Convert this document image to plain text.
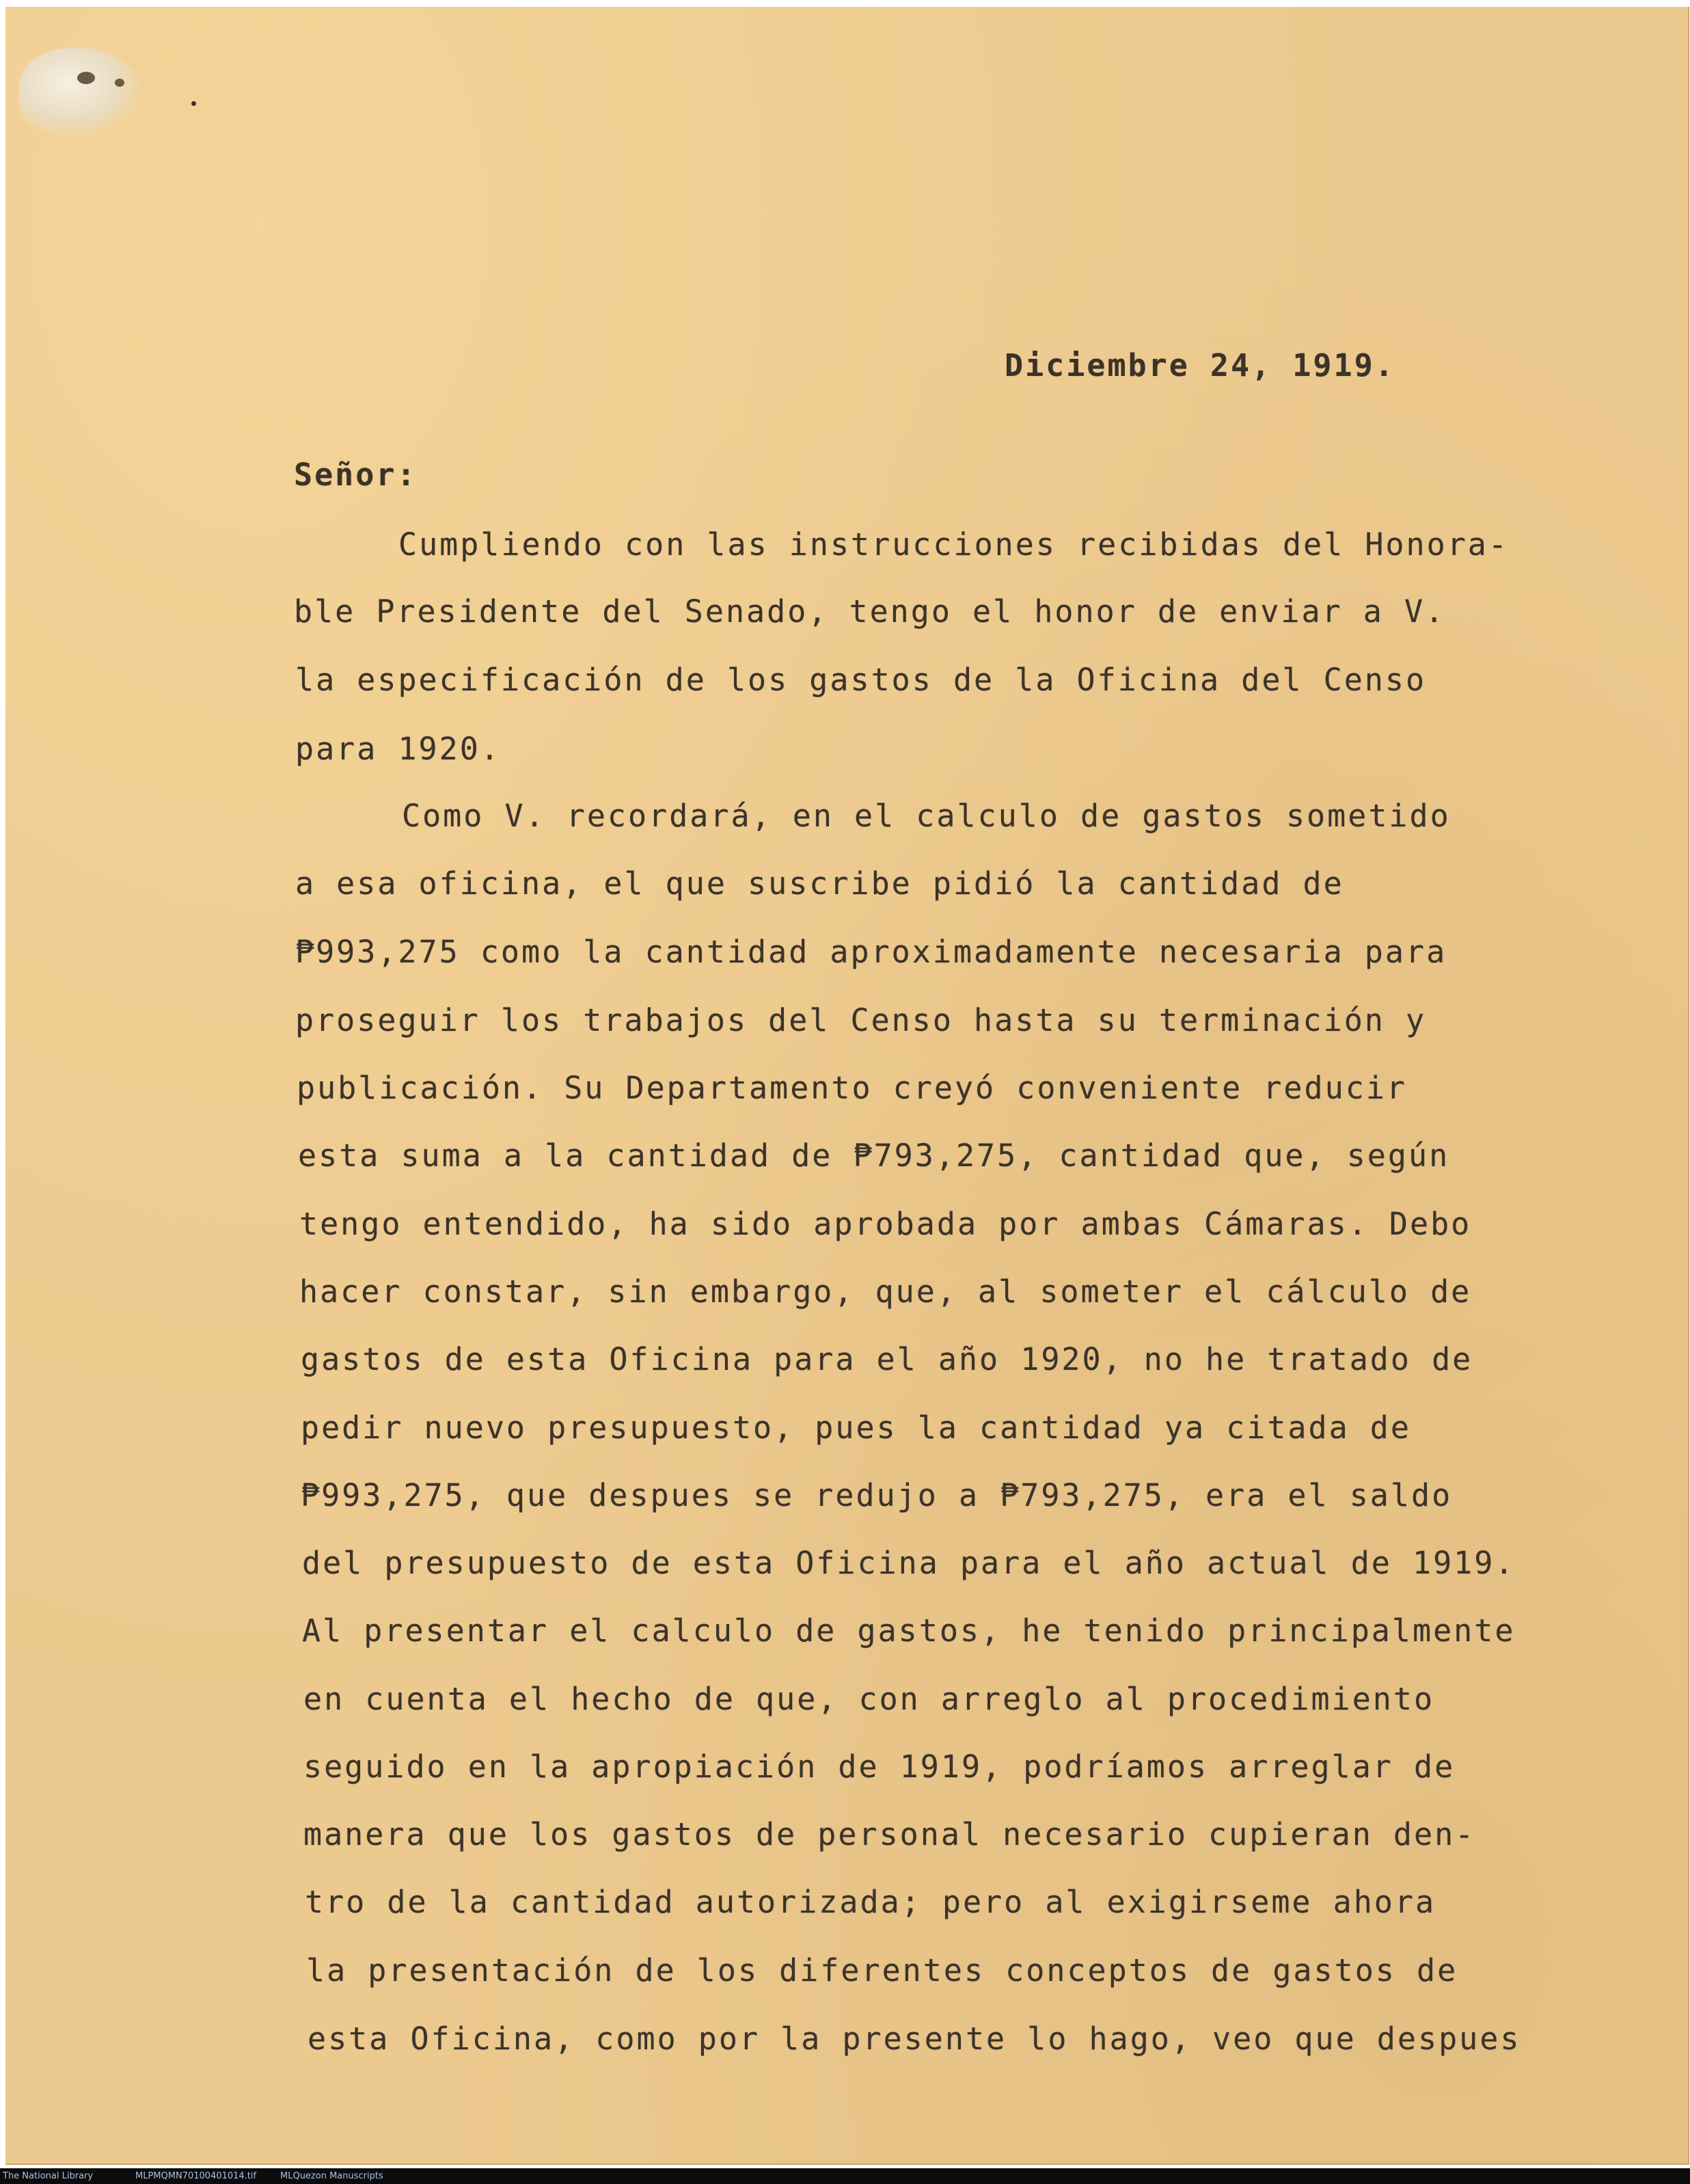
Diciembre 24, 1919.
Señor:
Cumpliendo con las instrucciones recibidas del Honora-
ble Presidente del Senado, tengo el honor de enviar a V.
la especificación de los gastos de la Oficina del Censo
para 1920.
Como V. recordará, en el calculo de gastos sometido
a esa oficina, el que suscribe pidió la cantidad de
₱993,275 como la cantidad aproximadamente necesaria para
proseguir los trabajos del Censo hasta su terminación y
publicación. Su Departamento creyó conveniente reducir
esta suma a la cantidad de ₱793,275, cantidad que, según
tengo entendido, ha sido aprobada por ambas Cámaras. Debo
hacer constar, sin embargo, que, al someter el cálculo de
gastos de esta Oficina para el año 1920, no he tratado de
pedir nuevo presupuesto, pues la cantidad ya citada de
₱993,275, que despues se redujo a ₱793,275, era el saldo
del presupuesto de esta Oficina para el año actual de 1919.
Al presentar el calculo de gastos, he tenido principalmente
en cuenta el hecho de que, con arreglo al procedimiento
seguido en la apropiación de 1919, podríamos arreglar de
manera que los gastos de personal necesario cupieran den-
tro de la cantidad autorizada; pero al exigirseme ahora
la presentación de los diferentes conceptos de gastos de
esta Oficina, como por la presente lo hago, veo que despues
The National Library	MLPMQMN70100401014.tif	MLQuezon Manuscripts
